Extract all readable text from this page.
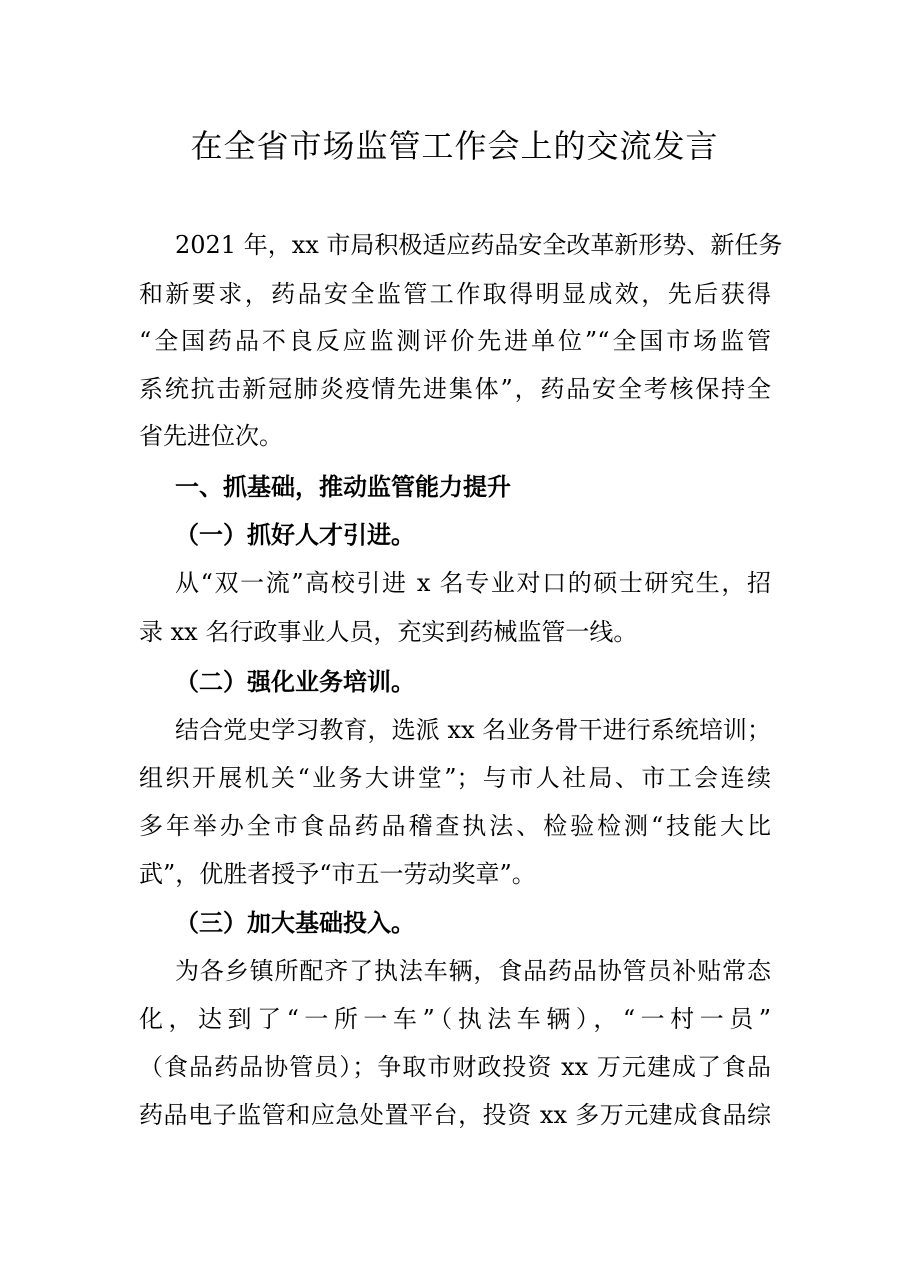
在全省市场监管工作会上的交流发言
2021 年，xx 市局积极适应药品安全改革新形势、新任务
和新要求，药品安全监管工作取得明显成效，先后获得
“全国药品不良反应监测评价先进单位”“全国市场监管
系统抗击新冠肺炎疫情先进集体”，药品安全考核保持全
省先进位次。
一、抓基础，推动监管能力提升
（一）抓好人才引进。
从“双一流”高校引进 x 名专业对口的硕士研究生，招
录 xx 名行政事业人员，充实到药械监管一线。
（二）强化业务培训。
结合党史学习教育，选派 xx 名业务骨干进行系统培训；
组织开展机关“业务大讲堂”；与市人社局、市工会连续
多年举办全市食品药品稽查执法、检验检测“技能大比
武”，优胜者授予“市五一劳动奖章”。
（三）加大基础投入。
为各乡镇所配齐了执法车辆，食品药品协管员补贴常态
化，达到了“一所一车”（执法车辆），“一村一员”
（食品药品协管员）；争取市财政投资 xx 万元建成了食品
药品电子监管和应急处置平台，投资 xx 多万元建成食品综
